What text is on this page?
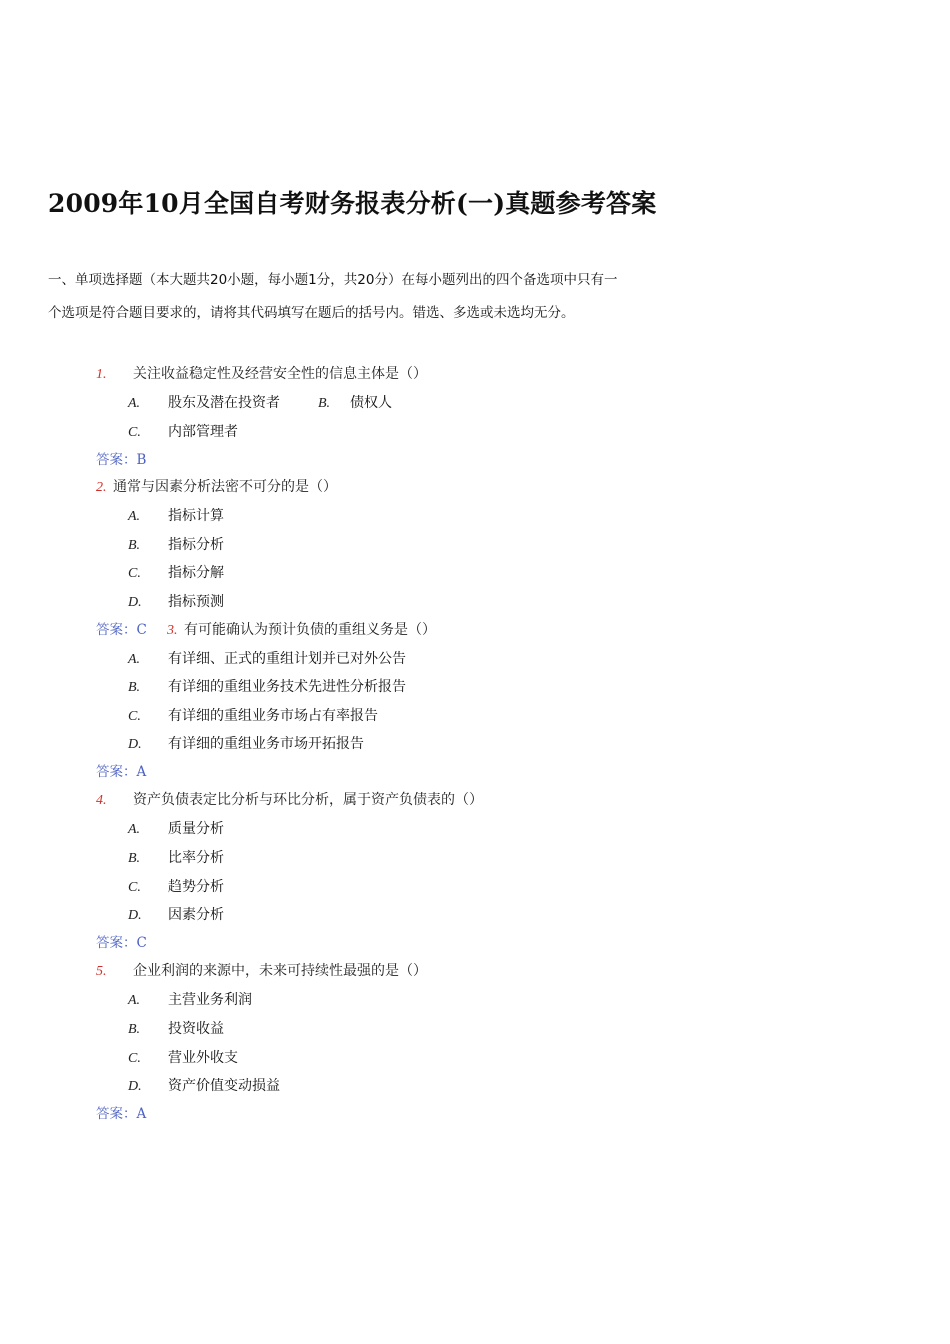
2009年10月全国自考财务报表分析(一)真题参考答案

一、单项选择题（本大题共20小题，每小题1分，共20分）在每小题列出的四个备选项中只有一个选项是符合题目要求的，请将其代码填写在题后的括号内。错选、多选或未选均无分。

1. 关注收益稳定性及经营安全性的信息主体是（）
A. 股东及潜在投资者	B. 债权人
C. 内部管理者
答案：B
2. 通常与因素分析法密不可分的是（）
A. 指标计算
B. 指标分析
C. 指标分解
D. 指标预测
答案：C 3. 有可能确认为预计负债的重组义务是（）
A. 有详细、正式的重组计划并已对外公告
B. 有详细的重组业务技术先进性分析报告
C. 有详细的重组业务市场占有率报告
D. 有详细的重组业务市场开拓报告
答案：A
4. 资产负债表定比分析与环比分析，属于资产负债表的（）
A. 质量分析
B. 比率分析
C. 趋势分析
D. 因素分析
答案：C
5. 企业利润的来源中，未来可持续性最强的是（）
A. 主营业务利润
B. 投资收益
C. 营业外收支
D. 资产价值变动损益
答案：A
